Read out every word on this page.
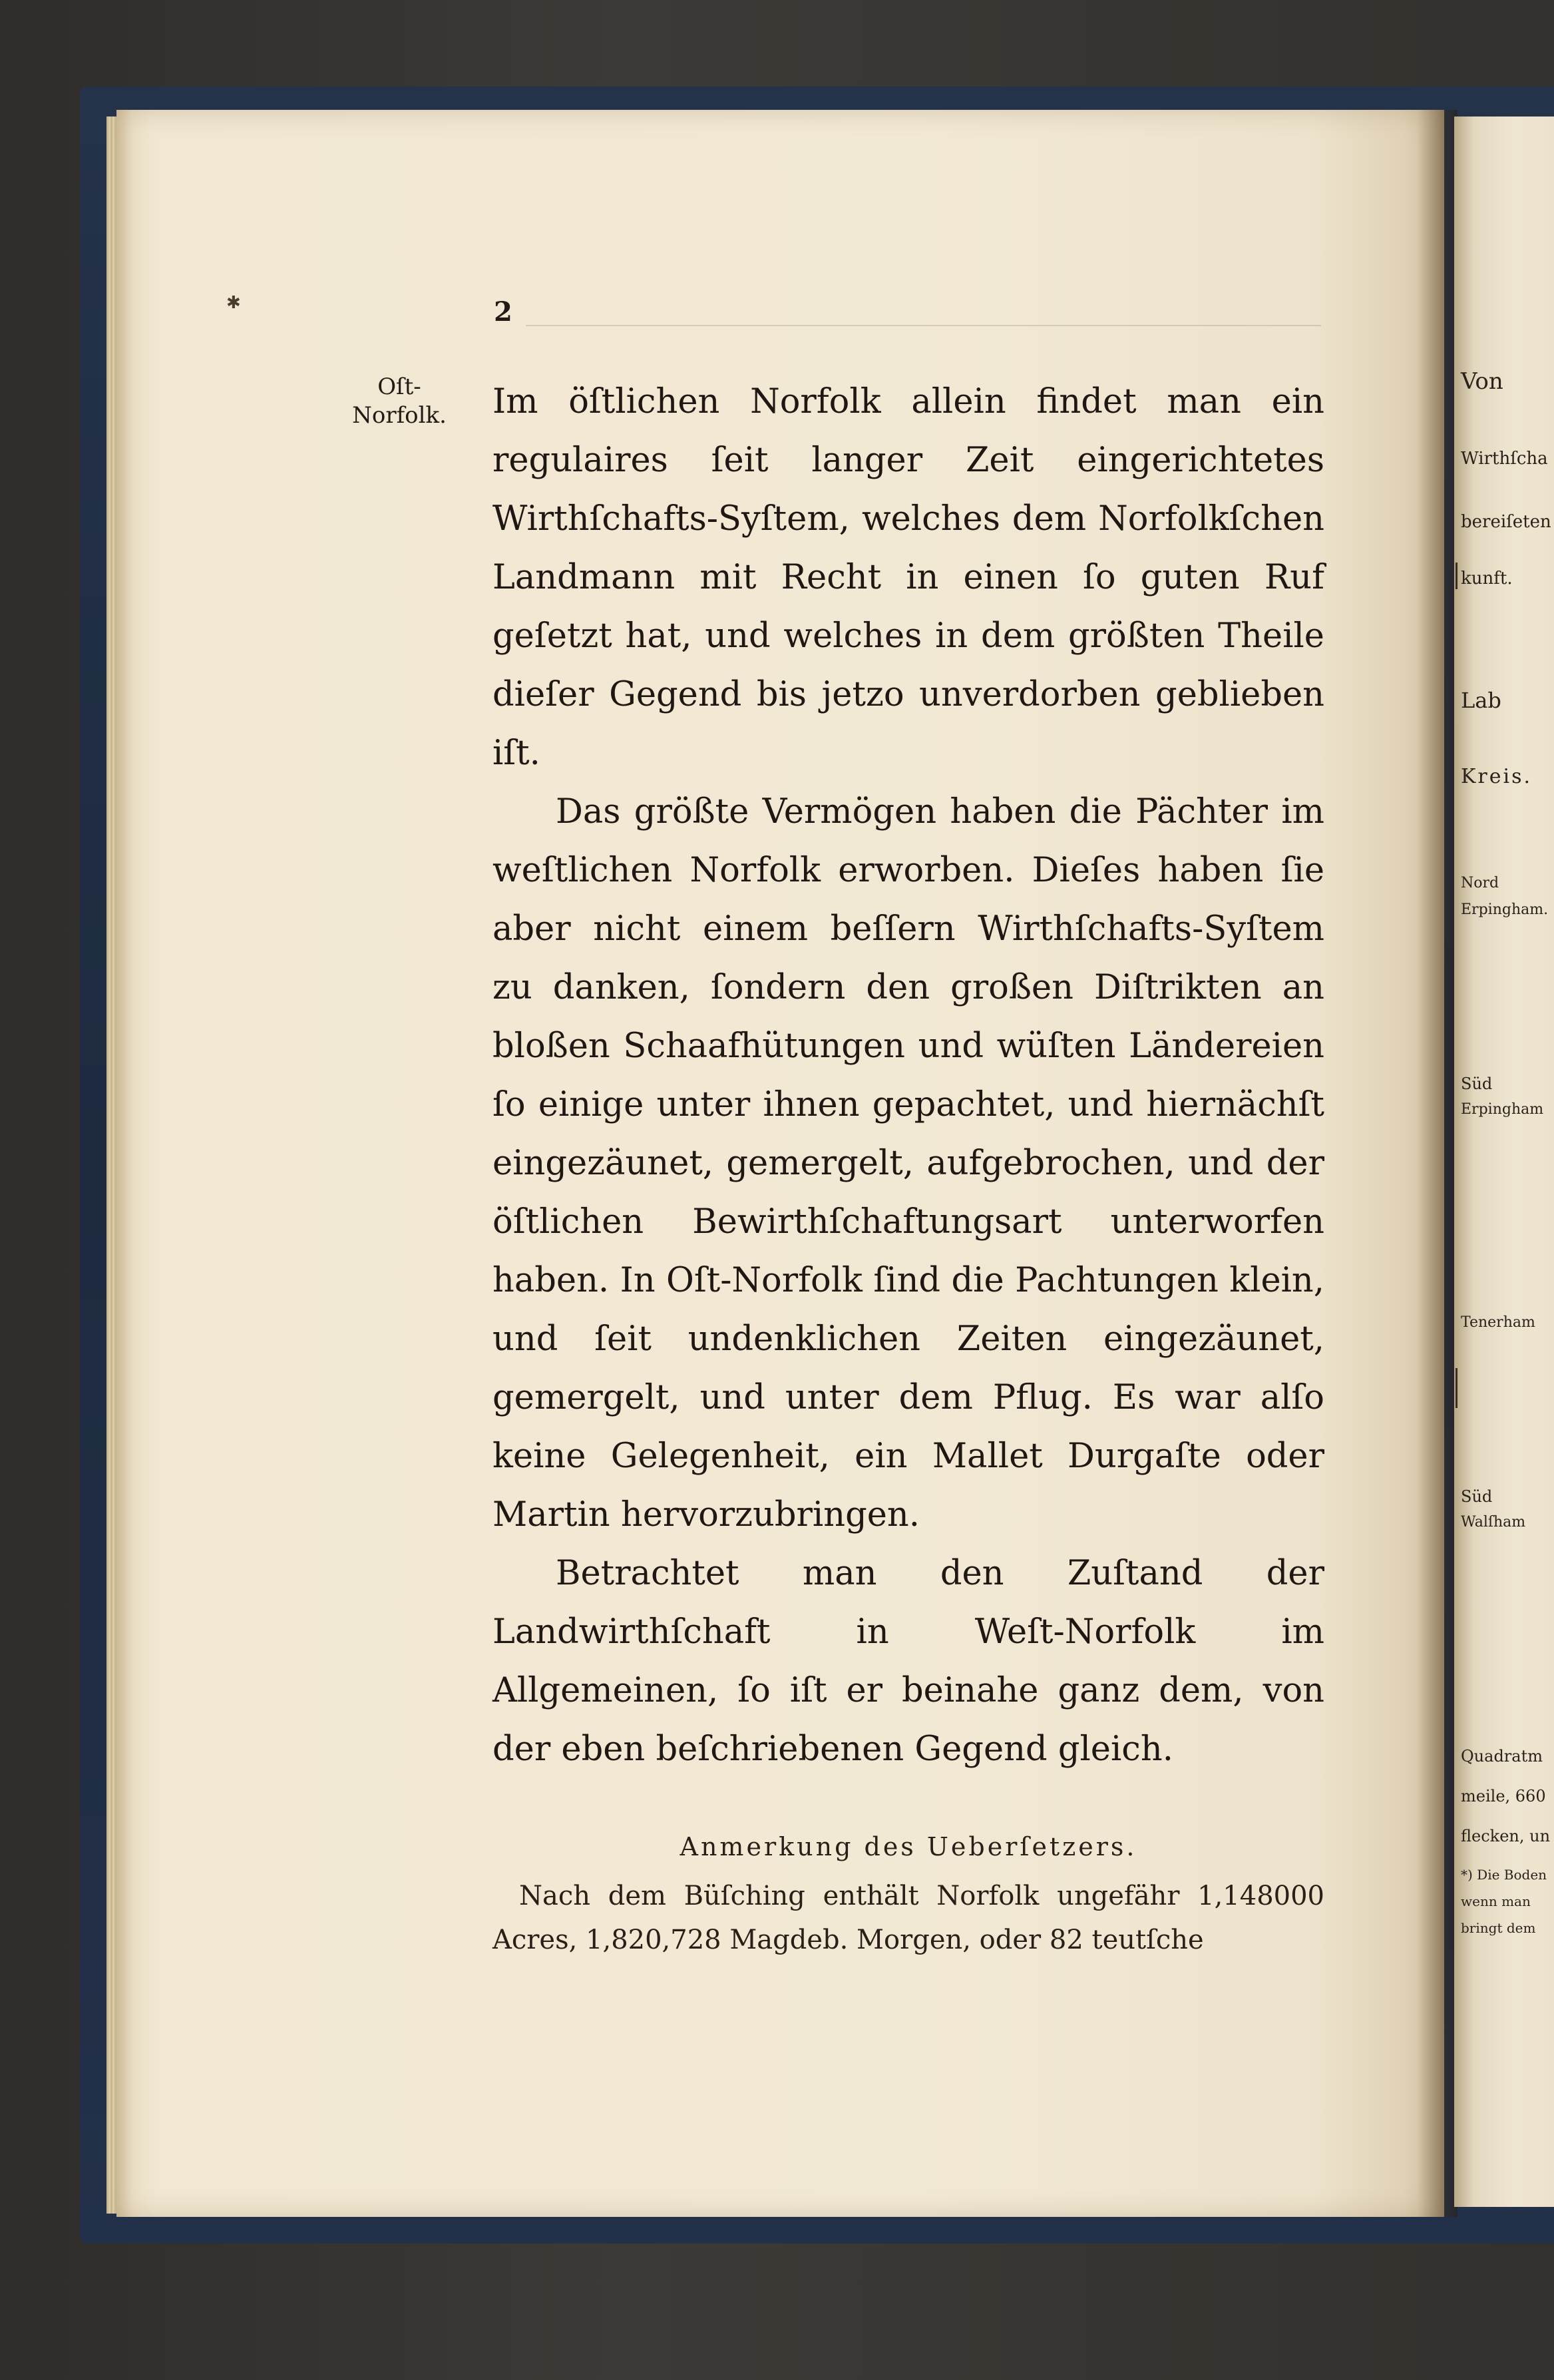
✱	2
Oſt-
Norfolk. Im öſtlichen Norfolk allein findet man ein regulaires ſeit langer Zeit eingerichtetes Wirthſchafts-Syſtem, welches dem Norfolkſchen Landmann mit Recht in einen ſo guten Ruf geſetzt hat, und welches in dem größten Theile dieſer Gegend bis jetzo unverdorben geblieben iſt.

Das größte Vermögen haben die Pächter im weſtlichen Norfolk erworben. Dieſes haben ſie aber nicht einem beſſern Wirthſchafts-Syſtem zu danken, ſondern den großen Diſtrikten an bloßen Schaafhütungen und wüſten Ländereien ſo einige unter ihnen gepachtet, und hiernächſt eingezäunet, gemergelt, aufgebrochen, und der öſtlichen Bewirthſchaftungsart unterworfen haben. In Oſt-Norfolk ſind die Pachtungen klein, und ſeit undenklichen Zeiten eingezäunet, gemergelt, und unter dem Pflug. Es war alſo keine Gelegenheit, ein Mallet Durgaſte oder Martin hervorzubringen.

Betrachtet man den Zuſtand der Landwirthſchaft in Weſt-Norfolk im Allgemeinen, ſo iſt er beinahe ganz dem, von der eben beſchriebenen Gegend gleich.

Anmerkung des Ueberſetzers.
Nach dem Büſching enthält Norfolk ungefähr 1,148000 Acres, 1,820,728 Magdeb. Morgen, oder 82 teutſche
Von
Wirthſcha
bereiſeten
kunft.
Lab
Kreis.
Nord
Erpingham.
Süd
Erpingham
Tenerham
Süd
Walſham
Quadratm
meile, 660
flecken, un
*) Die Boden
wenn man
bringt dem
